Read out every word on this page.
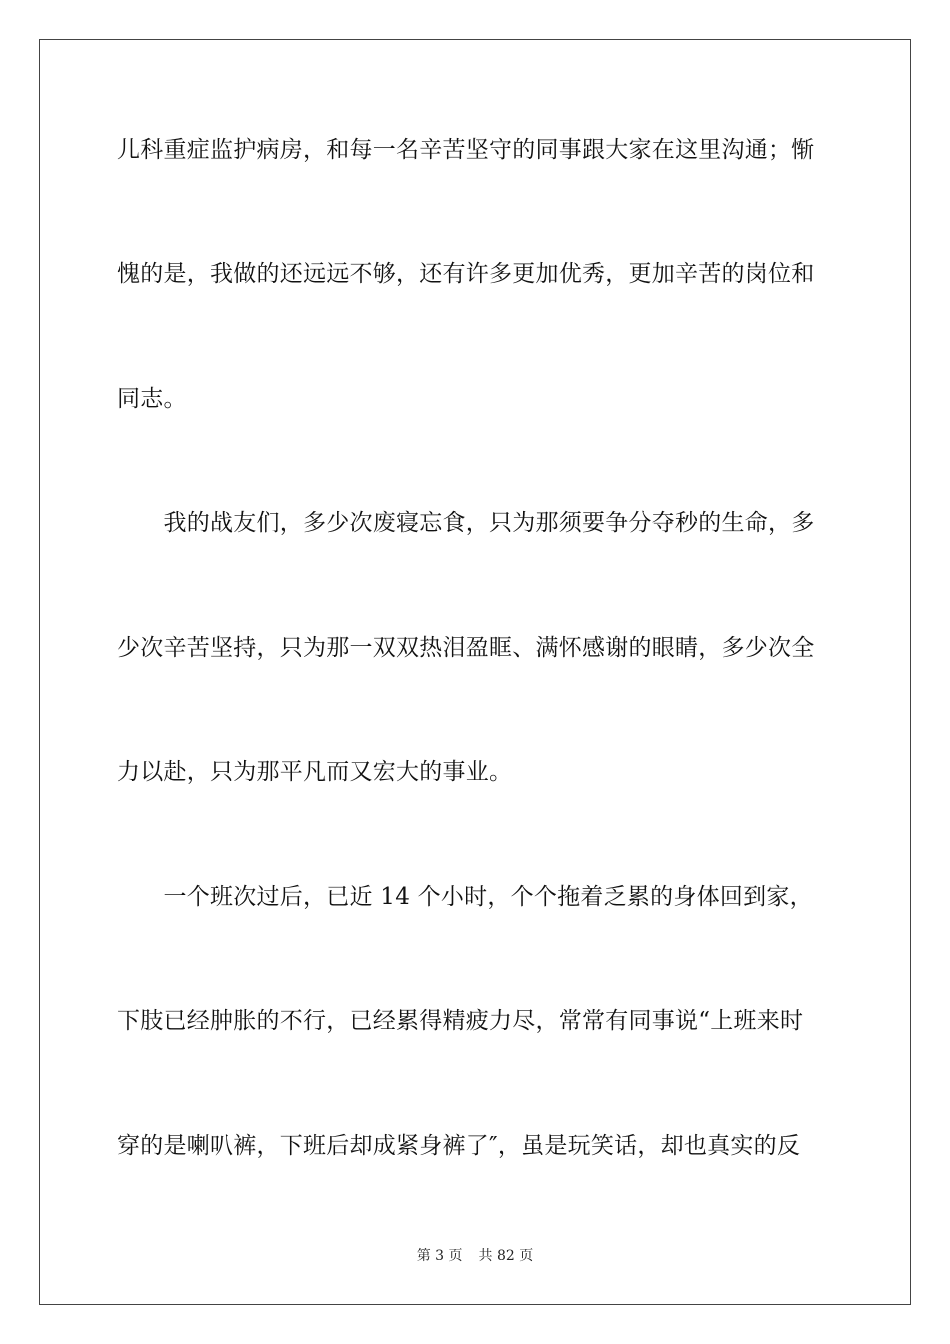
儿科重症监护病房，和每一名辛苦坚守的同事跟大家在这里沟通；惭
愧的是，我做的还远远不够，还有许多更加优秀，更加辛苦的岗位和
同志。
　　我的战友们，多少次废寝忘食，只为那须要争分夺秒的生命，多
少次辛苦坚持，只为那一双双热泪盈眶、满怀感谢的眼睛，多少次全
力以赴，只为那平凡而又宏大的事业。
　　一个班次过后，已近 14 个小时，个个拖着乏累的身体回到家，
下肢已经肿胀的不行，已经累得精疲力尽，常常有同事说“上班来时
穿的是喇叭裤，下班后却成紧身裤了″，虽是玩笑话，却也真实的反
第 3 页 共 82 页
